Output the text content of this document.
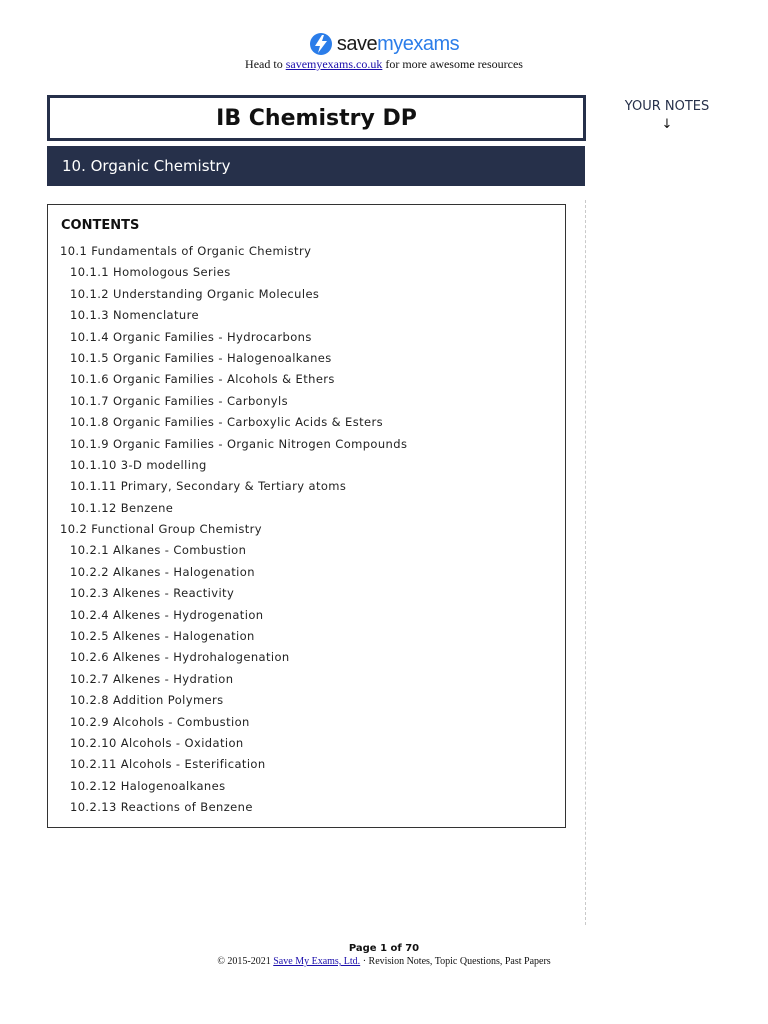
savemyexams
Head to savemyexams.co.uk for more awesome resources
IB Chemistry DP
10. Organic Chemistry
YOUR NOTES
↓
CONTENTS
10.1 Fundamentals of Organic Chemistry
10.1.1 Homologous Series
10.1.2 Understanding Organic Molecules
10.1.3 Nomenclature
10.1.4 Organic Families - Hydrocarbons
10.1.5 Organic Families - Halogenoalkanes
10.1.6 Organic Families - Alcohols & Ethers
10.1.7 Organic Families - Carbonyls
10.1.8 Organic Families - Carboxylic Acids & Esters
10.1.9 Organic Families - Organic Nitrogen Compounds
10.1.10 3-D modelling
10.1.11 Primary, Secondary & Tertiary atoms
10.1.12 Benzene
10.2 Functional Group Chemistry
10.2.1 Alkanes - Combustion
10.2.2 Alkanes - Halogenation
10.2.3 Alkenes - Reactivity
10.2.4 Alkenes - Hydrogenation
10.2.5 Alkenes - Halogenation
10.2.6 Alkenes - Hydrohalogenation
10.2.7 Alkenes - Hydration
10.2.8 Addition Polymers
10.2.9 Alcohols - Combustion
10.2.10 Alcohols - Oxidation
10.2.11 Alcohols - Esterification
10.2.12 Halogenoalkanes
10.2.13 Reactions of Benzene
Page 1 of 70
© 2015-2021 Save My Exams, Ltd. · Revision Notes, Topic Questions, Past Papers
